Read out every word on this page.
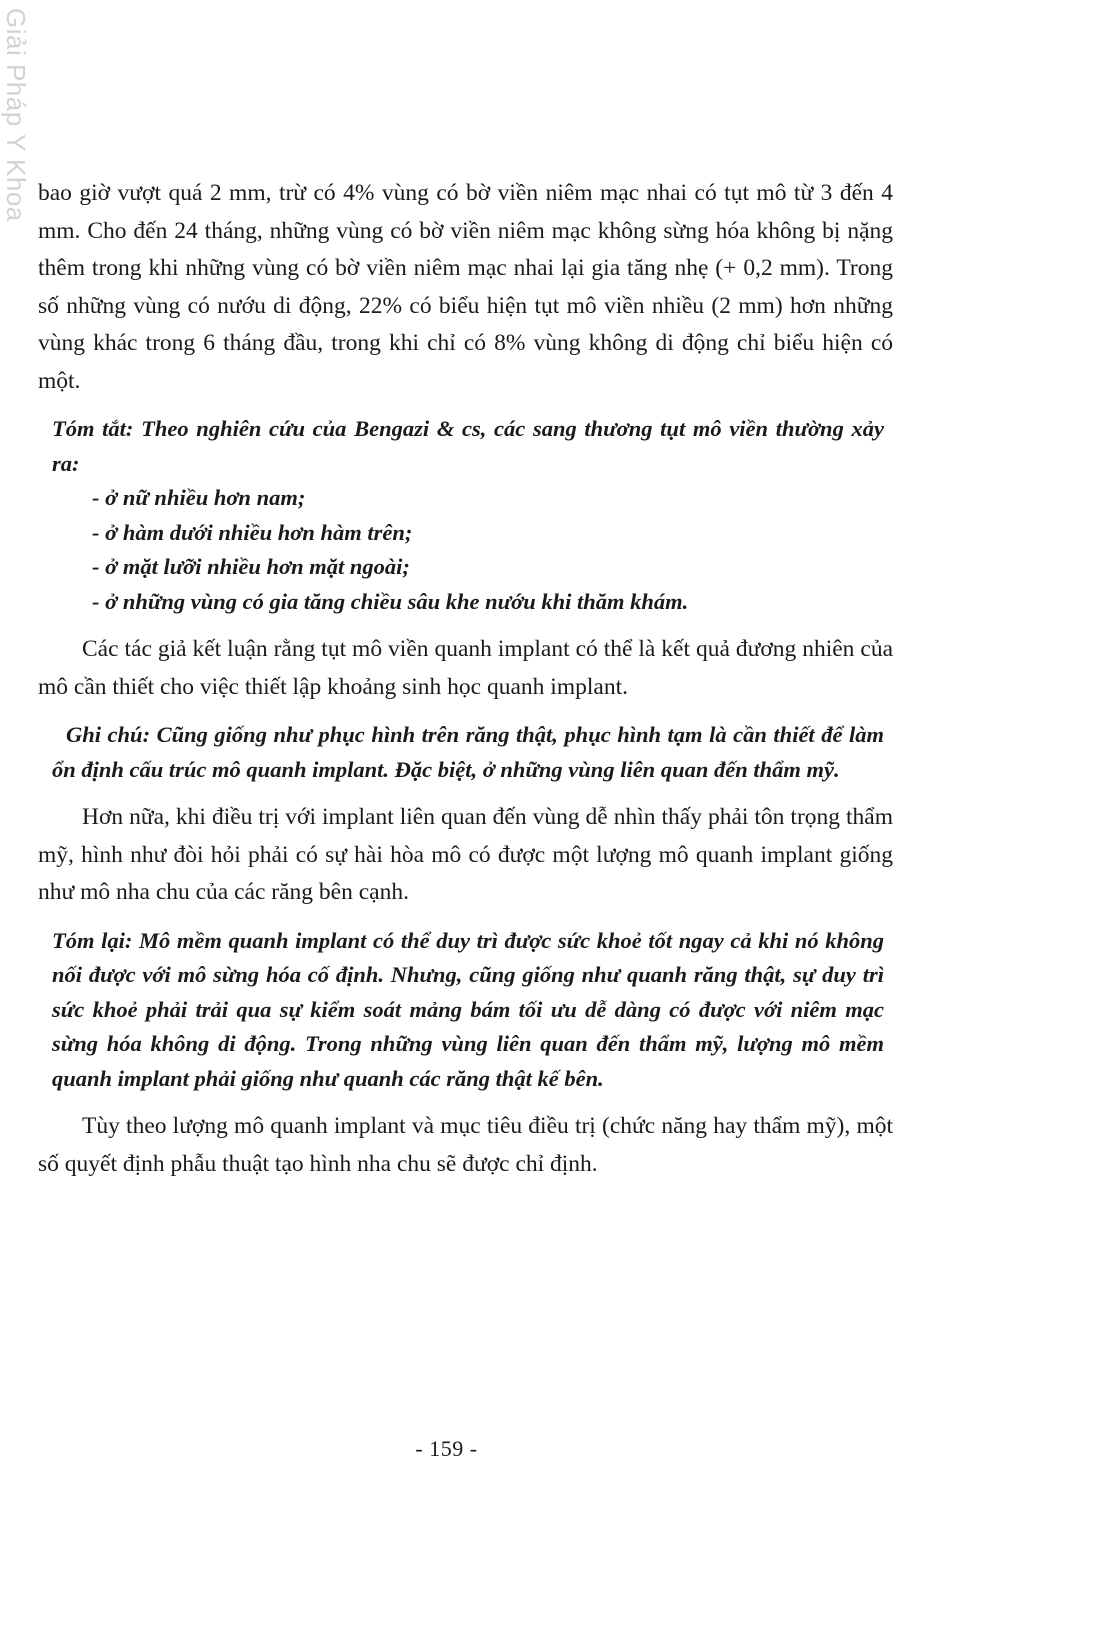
Giải Pháp Y Khoa bao giờ vượt quá 2 mm, trừ có 4% vùng có bờ viền niêm mạc nhai có tụt mô từ 3 đến 4 mm. Cho đến 24 tháng, những vùng có bờ viền niêm mạc không sừng hóa không bị nặng thêm trong khi những vùng có bờ viền niêm mạc nhai lại gia tăng nhẹ (+ 0,2 mm). Trong số những vùng có nướu di động, 22% có biểu hiện tụt mô viền nhiều (2 mm) hơn những vùng khác trong 6 tháng đầu, trong khi chỉ có 8% vùng không di động chỉ biểu hiện có một.

Tóm tắt: Theo nghiên cứu của Bengazi & cs, các sang thương tụt mô viền thường xảy ra:

- ở nữ nhiều hơn nam;
- ở hàm dưới nhiều hơn hàm trên;
- ở mặt lưỡi nhiều hơn mặt ngoài;
- ở những vùng có gia tăng chiều sâu khe nướu khi thăm khám.

Các tác giả kết luận rằng tụt mô viền quanh implant có thể là kết quả đương nhiên của mô cần thiết cho việc thiết lập khoảng sinh học quanh implant.

Ghi chú: Cũng giống như phục hình trên răng thật, phục hình tạm là cần thiết để làm ổn định cấu trúc mô quanh implant. Đặc biệt, ở những vùng liên quan đến thẩm mỹ.

Hơn nữa, khi điều trị với implant liên quan đến vùng dễ nhìn thấy phải tôn trọng thẩm mỹ, hình như đòi hỏi phải có sự hài hòa mô có được một lượng mô quanh implant giống như mô nha chu của các răng bên cạnh.

Tóm lại: Mô mềm quanh implant có thể duy trì được sức khoẻ tốt ngay cả khi nó không nối được với mô sừng hóa cố định. Nhưng, cũng giống như quanh răng thật, sự duy trì sức khoẻ phải trải qua sự kiểm soát mảng bám tối ưu dễ dàng có được với niêm mạc sừng hóa không di động. Trong những vùng liên quan đến thẩm mỹ, lượng mô mềm quanh implant phải giống như quanh các răng thật kế bên.

Tùy theo lượng mô quanh implant và mục tiêu điều trị (chức năng hay thẩm mỹ), một số quyết định phẫu thuật tạo hình nha chu sẽ được chỉ định.

- 159 -
